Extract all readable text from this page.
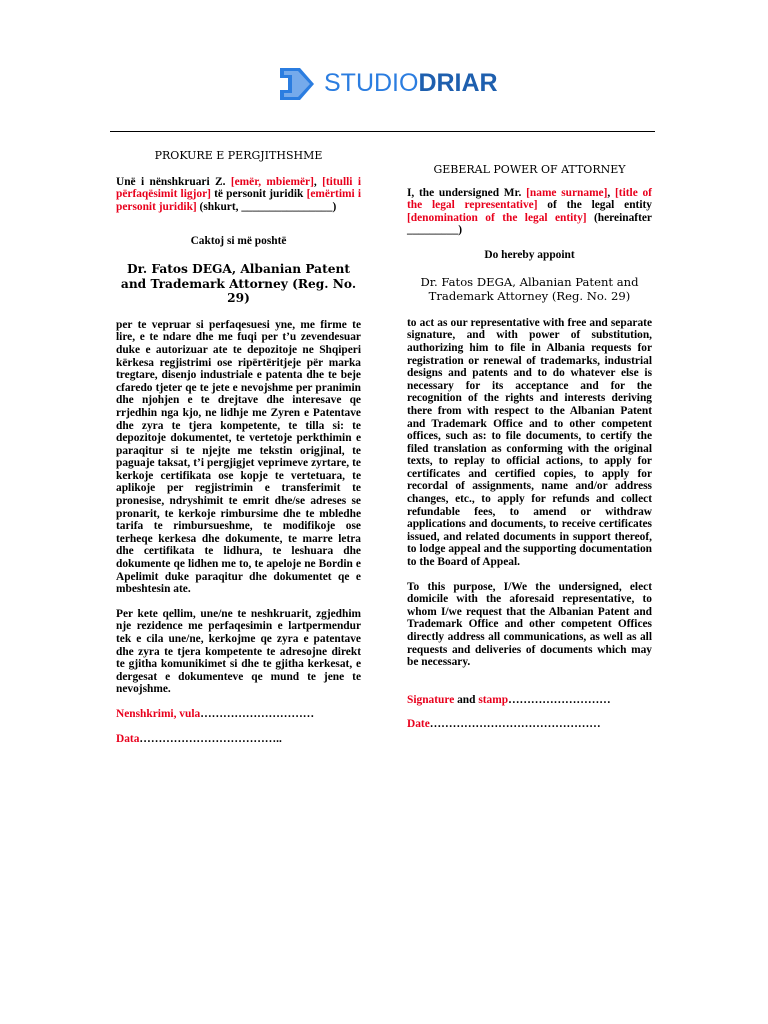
STUDIODRIAR

PROKURE E PERGJITHSHME

Unë i nënshkruari Z. [emër, mbiemër], [titulli i përfaqësimit ligjor] të personit juridik [emërtimi i personit juridik] (shkurt, ________________)

Caktoj si më poshtë

Dr. Fatos DEGA, Albanian Patent and Trademark Attorney (Reg. No. 29)

per te vepruar si perfaqesuesi yne, me firme te lire, e te ndare dhe me fuqi per t’u zevendesuar duke e autorizuar ate te depozitoje ne Shqiperi kërkesa regjistrimi ose ripërtëritjeje për marka tregtare, disenjo industriale e patenta dhe te beje cfaredo tjeter qe te jete e nevojshme per pranimin dhe njohjen e te drejtave dhe interesave qe rrjedhin nga kjo, ne lidhje me Zyren e Patentave dhe zyra te tjera kompetente, te tilla si: te depozitoje dokumentet, te vertetoje perkthimin e paraqitur si te njejte me tekstin origjinal, te paguaje taksat, t’i pergjigjet veprimeve zyrtare, te kerkoje certifikata ose kopje te vertetuara, te aplikoje per regjistrimin e transferimit te pronesise, ndryshimit te emrit dhe/se adreses se pronarit, te kerkoje rimbursime dhe te mbledhe tarifa te rimbursueshme, te modifikoje ose terheqe kerkesa dhe dokumente, te marre letra dhe certifikata te lidhura, te leshuara dhe dokumente qe lidhen me to, te apeloje ne Bordin e Apelimit duke paraqitur dhe dokumentet qe e mbeshtesin ate.

Per kete qellim, une/ne te neshkruarit, zgjedhim nje rezidence me perfaqesimin e lartpermendur tek e cila une/ne, kerkojme qe zyra e patentave dhe zyra te tjera kompetente te adresojne direkt te gjitha komunikimet si dhe te gjitha kerkesat, e dergesat e dokumenteve qe mund te jene te nevojshme.

Nenshkrimi, vula…………………………

Data………………………………..

GEBERAL POWER OF ATTORNEY

I, the undersigned Mr. [name surname], [title of the legal representative] of the legal entity [denomination of the legal entity] (hereinafter _________)

Do hereby appoint

Dr. Fatos DEGA, Albanian Patent and Trademark Attorney (Reg. No. 29)

to act as our representative with free and separate signature, and with power of substitution, authorizing him to file in Albania requests for registration or renewal of trademarks, industrial designs and patents and to do whatever else is necessary for its acceptance and for the recognition of the rights and interests deriving there from with respect to the Albanian Patent and Trademark Office and to other competent offices, such as: to file documents, to certify the filed translation as conforming with the original texts, to replay to official actions, to apply for certificates and certified copies, to apply for recordal of assignments, name and/or address changes, etc., to apply for refunds and collect refundable fees, to amend or withdraw applications and documents, to receive certificates issued, and related documents in support thereof, to lodge appeal and the supporting documentation to the Board of Appeal.

To this purpose, I/We the undersigned, elect domicile with the aforesaid representative, to whom I/we request that the Albanian Patent and Trademark Office and other competent Offices directly address all communications, as well as all requests and deliveries of documents which may be necessary.

Signature and stamp………………………

Date………………………………………
